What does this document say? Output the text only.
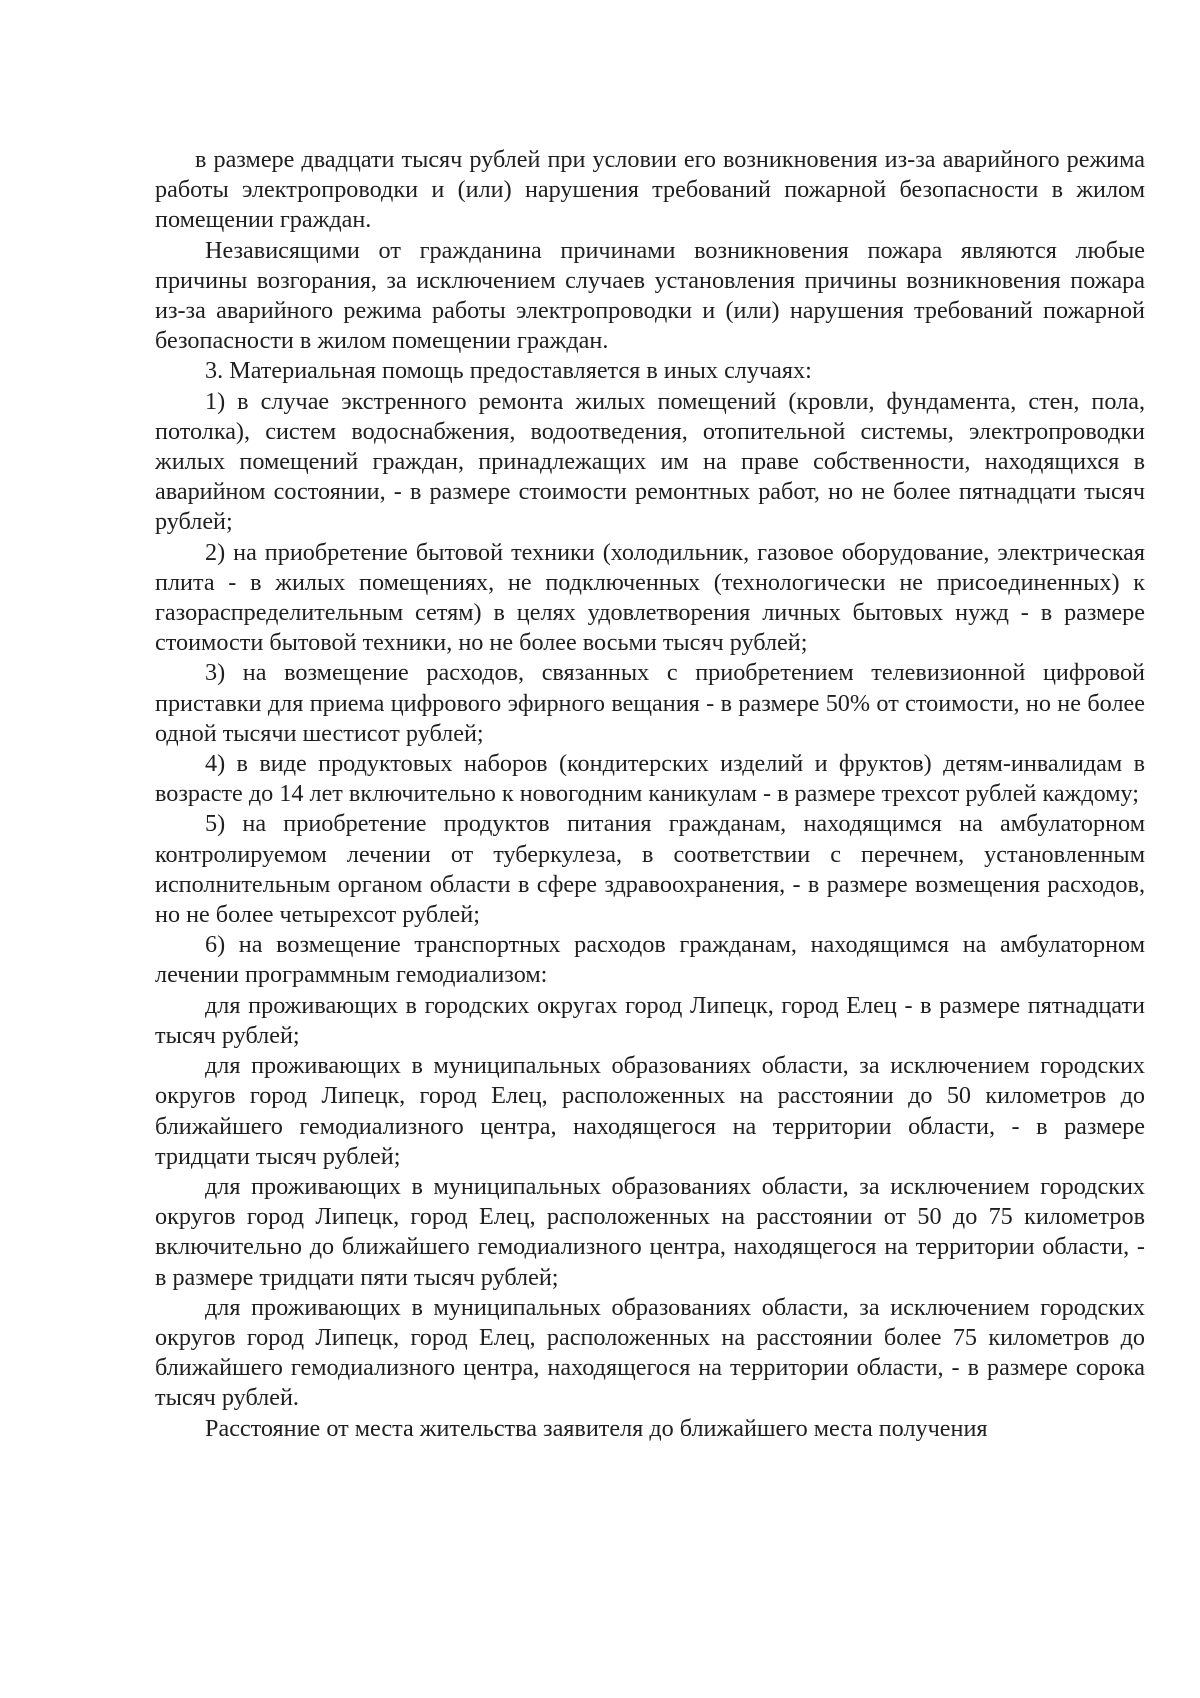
в размере двадцати тысяч рублей при условии его возникновения из-за аварийного режима работы электропроводки и (или) нарушения требований пожарной безопасности в жилом помещении граждан.

Независящими от гражданина причинами возникновения пожара являются любые причины возгорания, за исключением случаев установления причины возникновения пожара из-за аварийного режима работы электропроводки и (или) нарушения требований пожарной безопасности в жилом помещении граждан.

3. Материальная помощь предоставляется в иных случаях:

1) в случае экстренного ремонта жилых помещений (кровли, фундамента, стен, пола, потолка), систем водоснабжения, водоотведения, отопительной системы, электропроводки жилых помещений граждан, принадлежащих им на праве собственности, находящихся в аварийном состоянии, - в размере стоимости ремонтных работ, но не более пятнадцати тысяч рублей;

2) на приобретение бытовой техники (холодильник, газовое оборудование, электрическая плита - в жилых помещениях, не подключенных (технологически не присоединенных) к газораспределительным сетям) в целях удовлетворения личных бытовых нужд - в размере стоимости бытовой техники, но не более восьми тысяч рублей;

3) на возмещение расходов, связанных с приобретением телевизионной цифровой приставки для приема цифрового эфирного вещания - в размере 50% от стоимости, но не более одной тысячи шестисот рублей;

4) в виде продуктовых наборов (кондитерских изделий и фруктов) детям-инвалидам в возрасте до 14 лет включительно к новогодним каникулам - в размере трехсот рублей каждому;

5) на приобретение продуктов питания гражданам, находящимся на амбулаторном контролируемом лечении от туберкулеза, в соответствии с перечнем, установленным исполнительным органом области в сфере здравоохранения, - в размере возмещения расходов, но не более четырехсот рублей;

6) на возмещение транспортных расходов гражданам, находящимся на амбулаторном лечении программным гемодиализом:

для проживающих в городских округах город Липецк, город Елец - в размере пятнадцати тысяч рублей;

для проживающих в муниципальных образованиях области, за исключением городских округов город Липецк, город Елец, расположенных на расстоянии до 50 километров до ближайшего гемодиализного центра, находящегося на территории области, - в размере тридцати тысяч рублей;

для проживающих в муниципальных образованиях области, за исключением городских округов город Липецк, город Елец, расположенных на расстоянии от 50 до 75 километров включительно до ближайшего гемодиализного центра, находящегося на территории области, - в размере тридцати пяти тысяч рублей;

для проживающих в муниципальных образованиях области, за исключением городских округов город Липецк, город Елец, расположенных на расстоянии более 75 километров до ближайшего гемодиализного центра, находящегося на территории области, - в размере сорока тысяч рублей.

Расстояние от места жительства заявителя до ближайшего места получения
